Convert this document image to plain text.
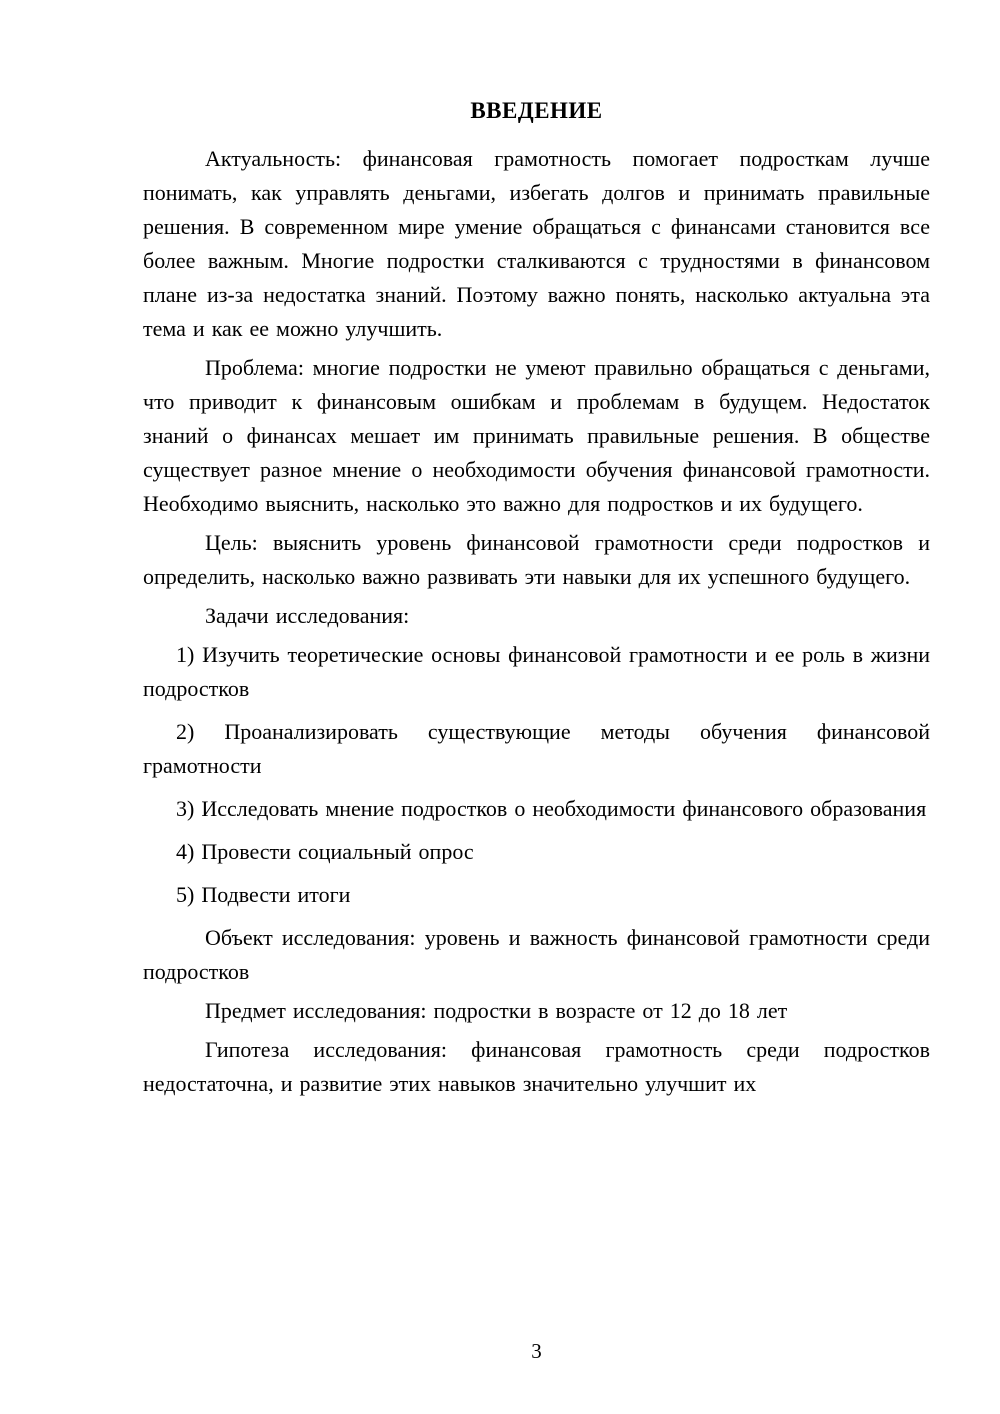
ВВЕДЕНИЕ

Актуальность: финансовая грамотность помогает подросткам лучше понимать, как управлять деньгами, избегать долгов и принимать правильные решения. В современном мире умение обращаться с финансами становится все более важным. Многие подростки сталкиваются с трудностями в финансовом плане из-за недостатка знаний. Поэтому важно понять, насколько актуальна эта тема и как ее можно улучшить.

Проблема: многие подростки не умеют правильно обращаться с деньгами, что приводит к финансовым ошибкам и проблемам в будущем. Недостаток знаний о финансах мешает им принимать правильные решения. В обществе существует разное мнение о необходимости обучения финансовой грамотности. Необходимо выяснить, насколько это важно для подростков и их будущего.

Цель: выяснить уровень финансовой грамотности среди подростков и определить, насколько важно развивать эти навыки для их успешного будущего.

Задачи исследования:

1) Изучить теоретические основы финансовой грамотности и ее роль в жизни подростков

2) Проанализировать существующие методы обучения финансовой грамотности

3) Исследовать мнение подростков о необходимости финансового образования

4) Провести социальный опрос

5) Подвести итоги

Объект исследования: уровень и важность финансовой грамотности среди подростков

Предмет исследования: подростки в возрасте от 12 до 18 лет

Гипотеза исследования: финансовая грамотность среди подростков недостаточна, и развитие этих навыков значительно улучшит их

3
